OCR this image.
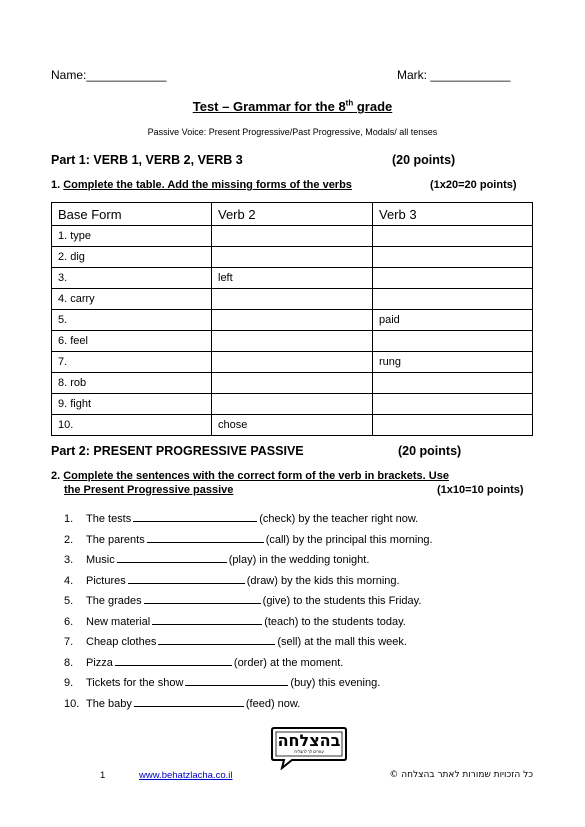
Name:____________	Mark: ____________
Test – Grammar for the 8th grade
Passive Voice: Present Progressive/Past Progressive, Modals/ all tenses
Part 1: VERB 1, VERB 2, VERB 3	(20 points)
1. Complete the table. Add the missing forms of the verbs	(1x20=20 points)
Base Form	Verb 2	Verb 3
1. type		
2. dig		
3.	left	
4. carry		
5.		paid
6. feel		
7.		rung
8. rob		
9. fight		
10.	chose	
Part 2: PRESENT PROGRESSIVE PASSIVE	(20 points)
2. Complete the sentences with the correct form of the verb in brackets. Use
the Present Progressive passive	(1x10=10 points)
1. The tests	(check) by the teacher right now.
2. The parents	(call) by the principal this morning.
3. Music	(play) in the wedding tonight.
4. Pictures	(draw) by the kids this morning.
5. The grades	(give) to the students this Friday.
6. New material	(teach) to the students today.
7. Cheap clothes	(sell) at the mall this week.
8. Pizza	(order) at the moment.
9. Tickets for the show	(buy) this evening.
10. The baby	(feed) now.
בהצלחה
עוזרים לך להצליח
1	www.behatzlacha.co.il	כל הזכויות שמורות לאתר בהצלחה ©
